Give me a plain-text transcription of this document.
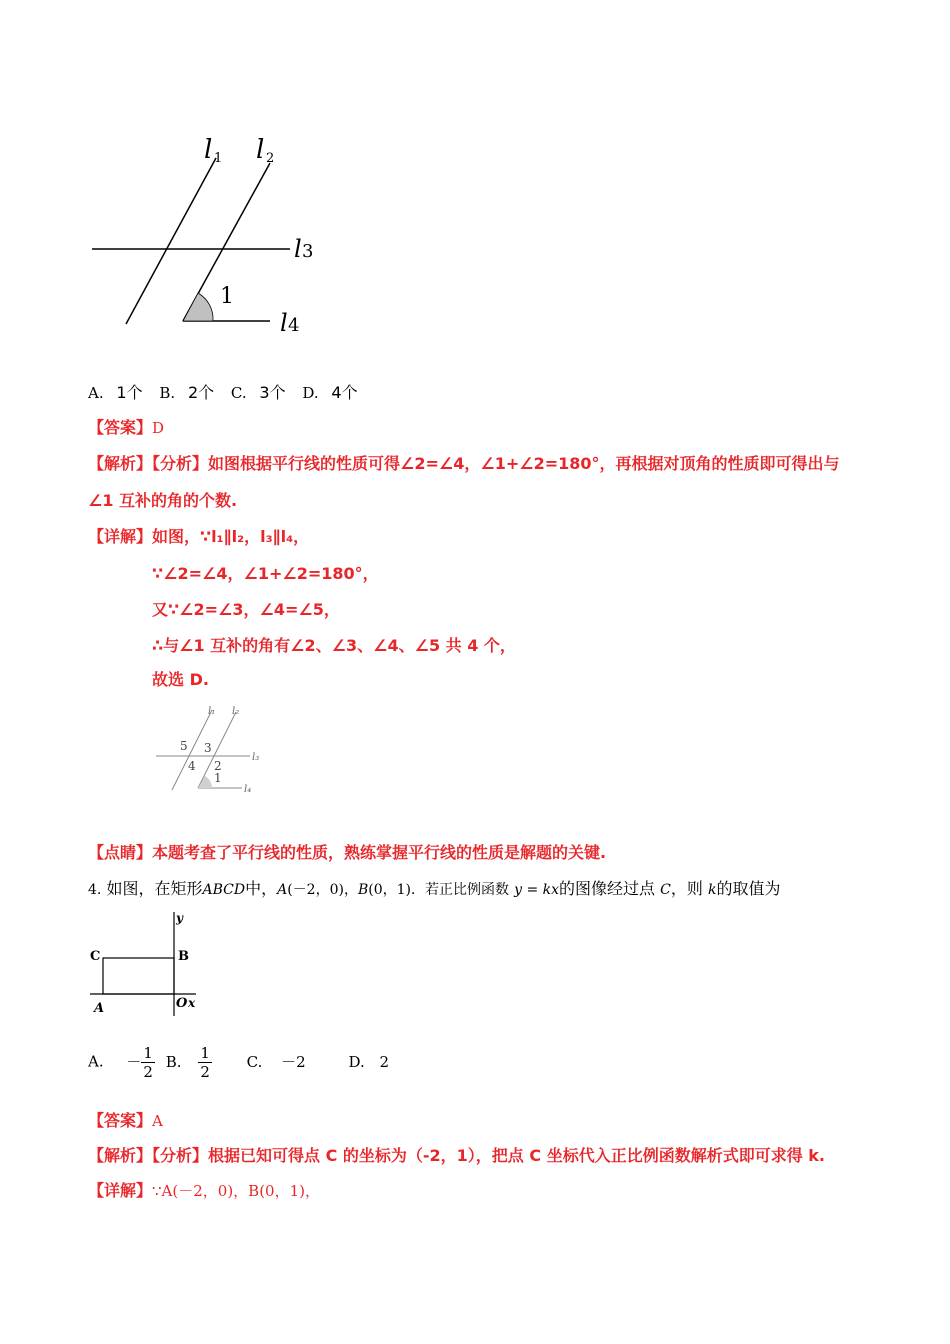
l 1 l 2
l 3
l 4
1
A. 1个 B. 2个 C. 3个 D. 4个
【答案】D
【解析】【分析】如图根据平行线的性质可得∠2=∠4，∠1+∠2=180°，再根据对顶角的性质即可得出与
∠1 互补的角的个数.
【详解】如图，∵l₁∥l₂，l₃∥l₄，
∵∠2=∠4，∠1+∠2=180°，
又∵∠2=∠3，∠4=∠5，
∴与∠1 互补的角有∠2、∠3、∠4、∠5 共 4 个，
故选 D.
l₁ l₂
l₃
l₄
5 3
4 2
1
【点睛】本题考查了平行线的性质，熟练掌握平行线的性质是解题的关键.
4. 如图，在矩形ABCD中，A(－2，0)，B(0，1)．若正比例函数 y = kx的图像经过点 C，则 k的取值为
y
C	B
A	O x
A. $-\frac{1}{2} B$. $\frac{1}{2} C$. －2	D. 2
【答案】A
【解析】【分析】根据已知可得点 C 的坐标为（-2，1），把点 C 坐标代入正比例函数解析式即可求得 k.
【详解】∵A(－2，0)，B(0，1)，
